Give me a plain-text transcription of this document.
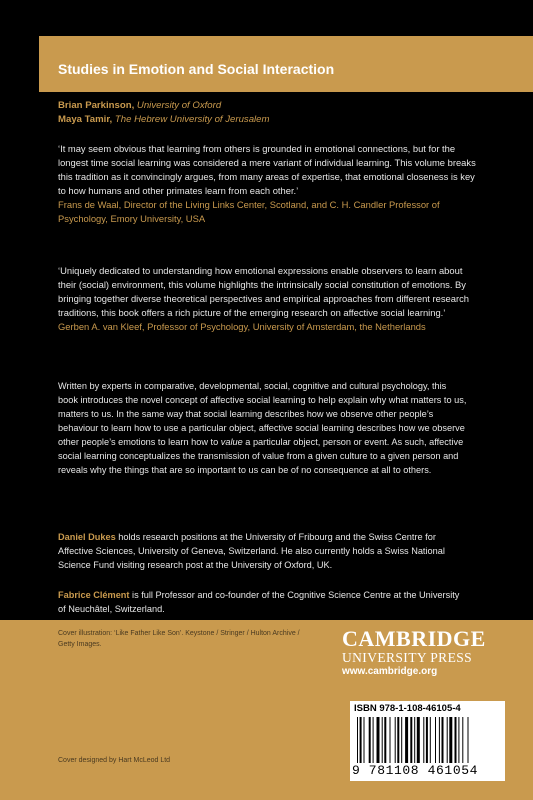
Studies in Emotion and Social Interaction
Brian Parkinson, University of Oxford
Maya Tamir, The Hebrew University of Jerusalem
‘It may seem obvious that learning from others is grounded in emotional connections, but for the longest time social learning was considered a mere variant of individual learning. This volume breaks this tradition as it convincingly argues, from many areas of expertise, that emotional closeness is key to how humans and other primates learn from each other.’
Frans de Waal, Director of the Living Links Center, Scotland, and C. H. Candler Professor of Psychology, Emory University, USA
‘Uniquely dedicated to understanding how emotional expressions enable observers to learn about their (social) environment, this volume highlights the intrinsically social constitution of emotions. By bringing together diverse theoretical perspectives and empirical approaches from different research traditions, this book offers a rich picture of the emerging research on affective social learning.’
Gerben A. van Kleef, Professor of Psychology, University of Amsterdam, the Netherlands
Written by experts in comparative, developmental, social, cognitive and cultural psychology, this book introduces the novel concept of affective social learning to help explain why what matters to us, matters to us. In the same way that social learning describes how we observe other people’s behaviour to learn how to use a particular object, affective social learning describes how we observe other people’s emotions to learn how to value a particular object, person or event. As such, affective social learning conceptualizes the transmission of value from a given culture to a given person and reveals why the things that are so important to us can be of no consequence at all to others.
Daniel Dukes holds research positions at the University of Fribourg and the Swiss Centre for Affective Sciences, University of Geneva, Switzerland. He also currently holds a Swiss National Science Fund visiting research post at the University of Oxford, UK.
Fabrice Clément is full Professor and co-founder of the Cognitive Science Centre at the University of Neuchâtel, Switzerland.
Cover illustration: ‘Like Father Like Son’. Keystone / Stringer / Hulton Archive / Getty Images.	CAMBRIDGE
UNIVERSITY PRESS
www.cambridge.org
ISBN 978-1-108-46105-4
9 781108 461054
Cover designed by Hart McLeod Ltd
